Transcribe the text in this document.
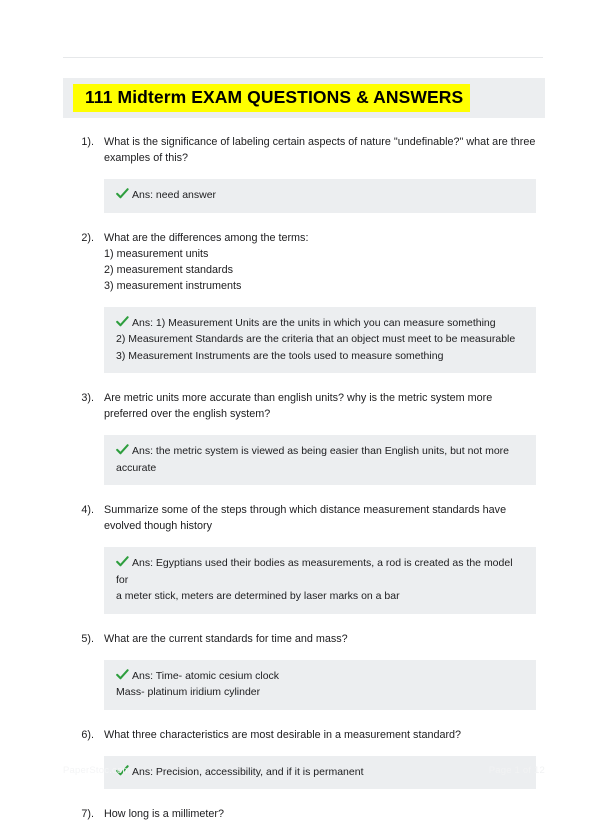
111 Midterm EXAM QUESTIONS & ANSWERS
1). What is the significance of labeling certain aspects of nature "undefinable?" what are three
examples of this?
Ans: need answer
2). What are the differences among the terms:
1) measurement units
2) measurement standards
3) measurement instruments
Ans: 1) Measurement Units are the units in which you can measure something
2) Measurement Standards are the criteria that an object must meet to be measurable
3) Measurement Instruments are the tools used to measure something
3). Are metric units more accurate than english units? why is the metric system more
preferred over the english system?
Ans: the metric system is viewed as being easier than English units, but not more
accurate
4). Summarize some of the steps through which distance measurement standards have
evolved though history
Ans: Egyptians used their bodies as measurements, a rod is created as the model for
a meter stick, meters are determined by laser marks on a bar
5). What are the current standards for time and mass?
Ans: Time- atomic cesium clock
Mass- platinum iridium cylinder
6). What three characteristics are most desirable in a measurement standard?
Ans: Precision, accessibility, and if it is permanent
7). How long is a millimeter?
PaperStoc.com	Page 1 of 12
